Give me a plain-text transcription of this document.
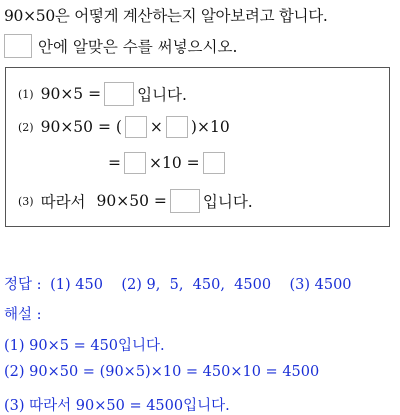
90×50은 어떻게 계산하는지 알아보려고 합니다.
안에 알맞은 수를 써넣으시오.
(1) 90×5 = 입니다.
(2) 90×50 = ( × )×10
= ×10 =
(3) 따라서 90×50 = 입니다.
정답 : (1) 450    (2) 9,  5,  450,  4500    (3) 4500
해설 :
(1) 90×5 = 450입니다.
(2) 90×50 = (90×5)×10 = 450×10 = 4500
(3) 따라서 90×50 = 4500입니다.
